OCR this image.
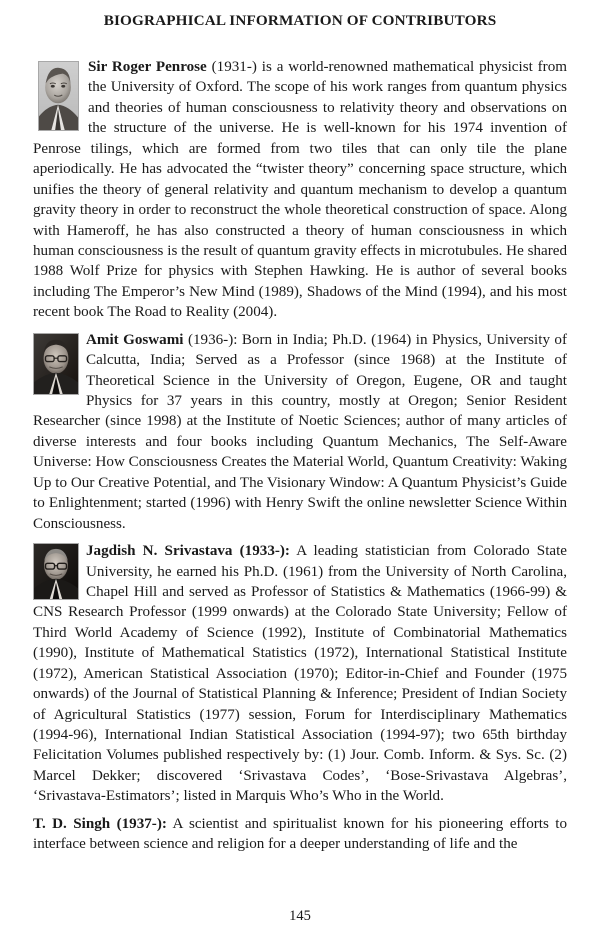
BIOGRAPHICAL INFORMATION OF CONTRIBUTORS

Sir Roger Penrose (1931-) is a world-renowned mathematical physicist from the University of Oxford. The scope of his work ranges from quantum physics and theories of human consciousness to relativity theory and observations on the structure of the universe. He is well-known for his 1974 invention of Penrose tilings, which are formed from two tiles that can only tile the plane aperiodically. He has advocated the “twister theory” concerning space structure, which unifies the theory of general relativity and quantum mechanism to develop a quantum gravity theory in order to reconstruct the whole theoretical construction of space. Along with Hameroff, he has also constructed a theory of human consciousness in which human consciousness is the result of quantum gravity effects in microtubules. He shared 1988 Wolf Prize for physics with Stephen Hawking. He is author of several books including The Emperor’s New Mind (1989), Shadows of the Mind (1994), and his most recent book The Road to Reality (2004).

Amit Goswami
(1936-): Born in India; Ph.D. (1964) in Physics, University of Calcutta, India; Served as a Professor (since 1968) at the Institute of Theoretical Science in the University of Oregon, Eugene, OR and taught Physics for 37 years in this country, mostly at Oregon; Senior Resident Researcher (since 1998) at the Institute of Noetic Sciences; author of many articles of diverse interests and four books including Quantum Mechanics, The Self-Aware Universe: How Consciousness Creates the Material World, Quantum Creativity: Waking Up to Our Creative Potential, and The Visionary Window: A Quantum Physicist’s Guide to Enlightenment; started (1996) with Henry Swift the online newsletter Science Within Consciousness.

Jagdish N. Srivastava (1933-):
A leading statistician from Colorado State University, he earned his Ph.D. (1961) from the University of North Carolina, Chapel Hill and served as Professor of Statistics & Mathematics (1966-99) & CNS Research Professor (1999 onwards) at the Colorado State University; Fellow of Third World Academy of Science (1992), Institute of Combinatorial Mathematics (1990), Institute of Mathematical Statistics (1972), International Statistical Institute (1972), American Statistical Association (1970); Editor-in-Chief and Founder (1975 onwards) of the Journal of Statistical Planning & Inference; President of Indian Society of Agricultural Statistics (1977) session, Forum for Interdisciplinary Mathematics (1994-96), International Indian Statistical Association (1994-97); two 65th birthday Felicitation Volumes published respectively by: (1) Jour. Comb. Inform. & Sys. Sc. (2) Marcel Dekker; discovered ‘Srivastava Codes’, ‘Bose-Srivastava Algebras’, ‘Srivastava-Estimators’; listed in Marquis Who’s Who in the World.

T. D. Singh (1937-): A scientist and spiritualist known for his pioneering efforts to interface between science and religion for a deeper understanding of life and the

145
